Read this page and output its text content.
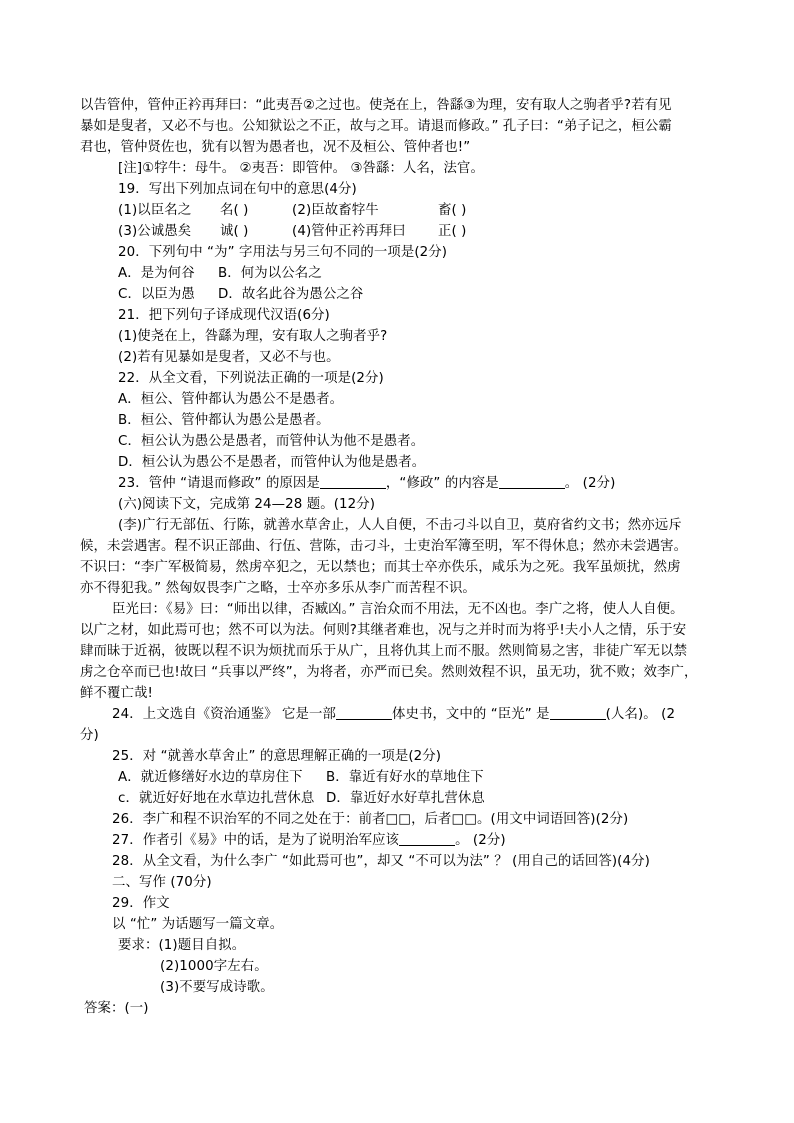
以告管仲，管仲正衿再拜曰：“此夷吾②之过也。使尧在上，咎繇③为理，安有取人之驹者乎?若有见
暴如是叟者，又必不与也。公知狱讼之不正，故与之耳。请退而修政。” 孔子曰：“弟子记之，桓公霸
君也，管仲贤佐也，犹有以智为愚者也，况不及桓公、管仲者也!”
[注]①牸牛：母牛。 ②夷吾：即管仲。 ③咎繇：人名，法官。
19．写出下列加点词在句中的意思(4分)
(1)以臣名之 名( )	(2)臣故畜牸牛	畜( )
(3)公诚愚矣 诚( )	(4)管仲正衿再拜曰 正( )
20．下列句中 “为” 字用法与另三句不同的一项是(2分)
A．是为何谷 B．何为以公名之
C．以臣为愚 D．故名此谷为愚公之谷
21．把下列句子译成现代汉语(6分)
(1)使尧在上，咎繇为理，安有取人之驹者乎?
(2)若有见暴如是叟者，又必不与也。
22．从全文看，下列说法正确的一项是(2分)
A．桓公、管仲都认为愚公不是愚者。
B．桓公、管仲都认为愚公是愚者。
C．桓公认为愚公是愚者，而管仲认为他不是愚者。
D．桓公认为愚公不是愚者，而管仲认为他是愚者。
23．管仲 “请退而修政” 的原因是	，“修政” 的内容是	。 (2分)
(六)阅读下文，完成第 24—28 题。(12分)
(李)广行无部伍、行陈，就善水草舍止，人人自便，不击刁斗以自卫，莫府省约文书；然亦远斥
候，未尝遇害。程不识正部曲、行伍、营陈，击刁斗，士吏治军簿至明，军不得休息；然亦未尝遇害。
不识曰：“李广军极简易，然虏卒犯之，无以禁也；而其士卒亦佚乐，咸乐为之死。我军虽烦扰，然虏
亦不得犯我。” 然匈奴畏李广之略，士卒亦多乐从李广而苦程不识。
臣光曰：《易》曰：“师出以律，否臧凶。” 言治众而不用法，无不凶也。李广之将，使人人自便。
以广之材，如此焉可也；然不可以为法。何则?其继者难也，况与之并时而为将乎!夫小人之情，乐于安
肆而昧于近祸，彼既以程不识为烦扰而乐于从广，且将仇其上而不服。然则简易之害，非徒广军无以禁
虏之仓卒而已也!故曰 “兵事以严终”，为将者，亦严而已矣。然则效程不识，虽无功，犹不败；效李广，
鲜不覆亡哉!
24．上文选自《资治通鉴》 它是一部	体史书，文中的 “臣光” 是	(人名)。 (2
分)
25．对 “就善水草舍止” 的意思理解正确的一项是(2分)
A．就近修缮好水边的草房住下 B．靠近有好水的草地住下
c．就近好好地在水草边扎营休息 D．靠近好水好草扎营休息
26．李广和程不识治军的不同之处在于：前者□□，后者□□。(用文中词语回答)(2分)
27．作者引《易》中的话，是为了说明治军应该	。 (2分)
28．从全文看，为什么李广 “如此焉可也”，却又 “不可以为法” ？ (用自己的话回答)(4分)
二、写作 (70分)
29．作文
以 “忙” 为话题写一篇文章。
要求：(1)题目自拟。
(2)1000字左右。
(3)不要写成诗歌。
答案：(一)
